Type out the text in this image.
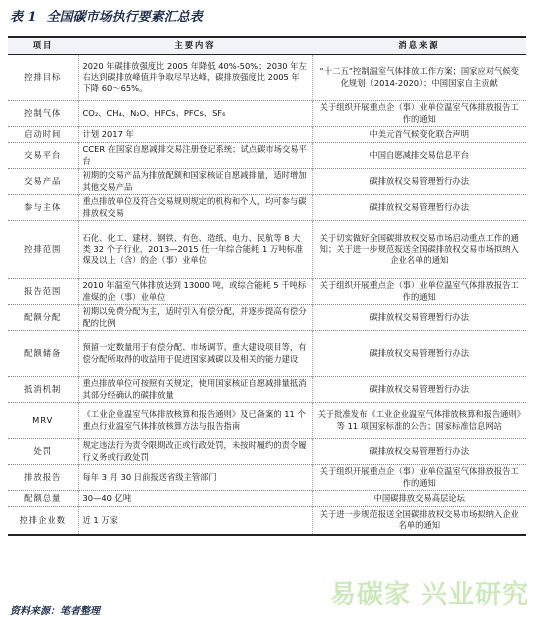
表 1 全国碳市场执行要素汇总表
项目	主要内容	消息来源
控排目标	2020 年碳排放强度比 2005 年降低 40%-50%；2030 年左右达到碳排放峰值并争取尽早达峰，碳排放强度比 2005 年下降 60～65%。	“十二五”控制温室气体排放工作方案；国家应对气候变化规划（2014-2020）；中国国家自主贡献
控制气体	CO₂、CH₄、N₂O、HFCs、PFCs、SF₆	关于组织开展重点企（事）业单位温室气体排放报告工作的通知
启动时间	计划 2017 年	中美元首气候变化联合声明
交易平台	CCER 在国家自愿减排交易注册登记系统；试点碳市场交易平台	中国自愿减排交易信息平台
交易产品	初期的交易产品为排放配额和国家核证自愿减排量，适时增加其他交易产品	碳排放权交易管理暂行办法
参与主体	重点排放单位及符合交易规则规定的机构和个人，均可参与碳排放权交易	碳排放权交易管理暂行办法
控排范围	石化、化工、建材、钢铁、有色、造纸、电力、民航等 8 大类 32 个子行业，2013—2015 任一年综合能耗 1 万吨标准煤及以上（含）的企（事）业单位	关于切实做好全国碳排放权交易市场启动重点工作的通知；关于进一步规范报送全国碳排放权交易市场拟纳入企业名单的通知
报告范围	2010 年温室气体排放达到 13000 吨，或综合能耗 5 千吨标准煤的企（事）业单位	关于组织开展重点企（事）业单位温室气体排放报告工作的通知
配额分配	初期以免费分配为主，适时引入有偿分配，并逐步提高有偿分配的比例	碳排放权交易管理暂行办法
配额储备	预留一定数量用于有偿分配、市场调节、重大建设项目等，有偿分配所取得的收益用于促进国家减碳以及相关的能力建设	碳排放权交易管理暂行办法
抵消机制	重点排放单位可按照有关规定，使用国家核证自愿减排量抵消其部分经确认的碳排放量	碳排放权交易管理暂行办法
MRV	《工业企业温室气体排放核算和报告通则》及已备案的 11 个重点行业温室气体排放核算方法与报告指南	关于批准发布《工业企业温室气体排放核算和报告通则》等 11 项国家标准的公告；国家标准信息网站
处罚	规定违法行为责令限期改正或行政处罚，未按时履约的责令履行义务或行政处罚	碳排放权交易管理暂行办法
排放报告	每年 3 月 30 日前报送省级主管部门	关于组织开展重点企（事）业单位温室气体排放报告工作的通知
配额总量	30—40 亿吨	中国碳排放交易高层论坛
控排企业数	近 1 万家	关于进一步规范报送全国碳排放权交易市场拟纳入企业名单的通知
易碳家 兴业研究
资料来源：笔者整理
